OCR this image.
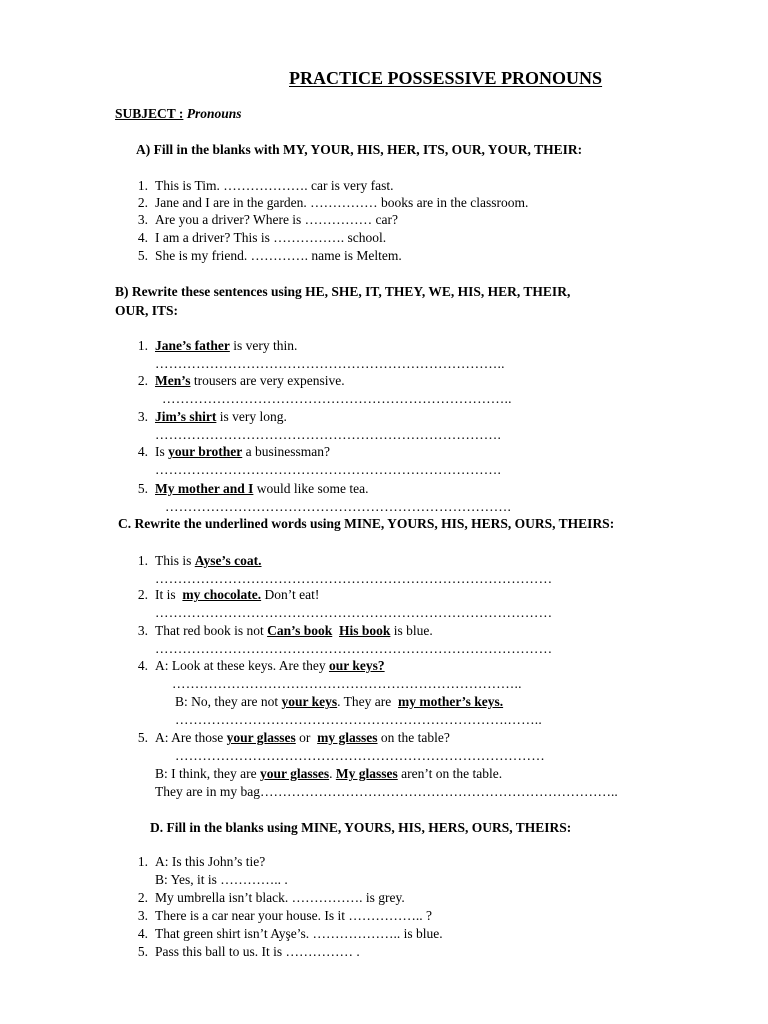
PRACTICE POSSESSIVE PRONOUNS
SUBJECT : Pronouns
A) Fill in the blanks with MY, YOUR, HIS, HER, ITS, OUR, YOUR, THEIR:
1. This is Tim. ………………. car is very fast.
2. Jane and I are in the garden. …………… books are in the classroom.
3. Are you a driver? Where is …………… car?
4. I am a driver? This is ……………. school.
5. She is my friend. …………. name is Meltem.
B) Rewrite these sentences using HE, SHE, IT, THEY, WE, HIS, HER, THEIR,
OUR, ITS:
1. Jane’s father is very thin.
…………………………………………………………………..
2. Men’s trousers are very expensive.
…………………………………………………………………..
3. Jim’s shirt is very long.
………………………………………………………………….
4. Is your brother a businessman?
………………………………………………………………….
5. My mother and I would like some tea.
………………………………………………………………….
C. Rewrite the underlined words using MINE, YOURS, HIS, HERS, OURS, THEIRS:
1. This is Ayse’s coat.
……………………………………………………………………………
2. It is  my chocolate. Don’t eat!
……………………………………………………………………………
3. That red book is not Can’s book His book is blue.
……………………………………………………………………………
4. A: Look at these keys. Are they our keys?
…………………………………………………………………..
B: No, they are not your keys. They are  my mother’s keys.
……………………………………………………………….……..
5. A: Are those your glasses or  my glasses on the table?
………………………………………………………………………
B: I think, they are your glasses. My glasses aren’t on the table.
They are in my bag……………………………………………………………………..
D. Fill in the blanks using MINE, YOURS, HIS, HERS, OURS, THEIRS:
1. A: Is this John’s tie?
B: Yes, it is ………….. .
2. My umbrella isn’t black. ……………. is grey.
3. There is a car near your house. Is it …………….. ?
4. That green shirt isn’t Ayşe’s. ……………….. is blue.
5. Pass this ball to us. It is …………… .
